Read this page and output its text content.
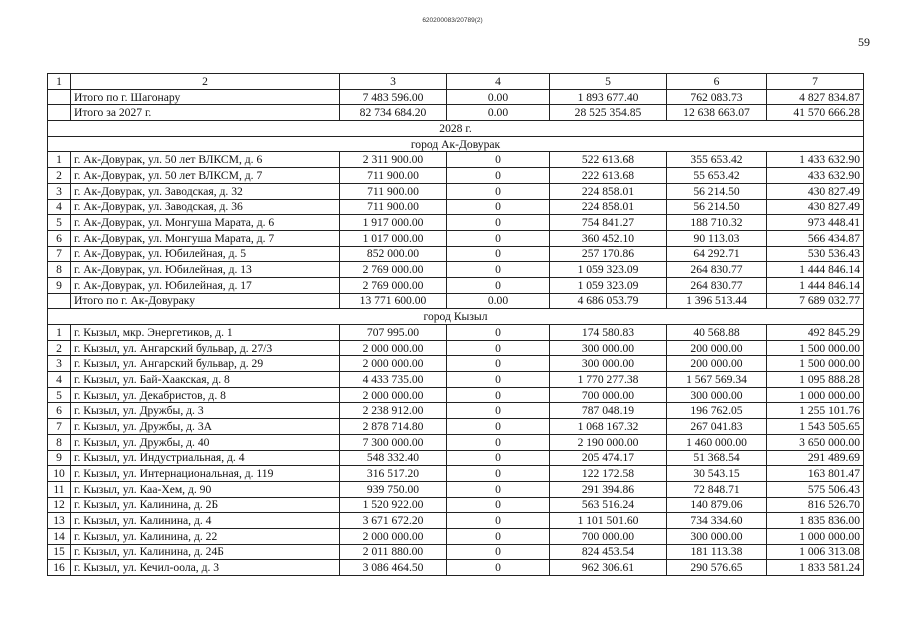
620200083/20789(2)
59
1	2	3	4	5	6	7
	Итого по г. Шагонару	7 483 596.00	0.00	1 893 677.40	762 083.73	4 827 834.87
	Итого за 2027 г.	82 734 684.20	0.00	28 525 354.85	12 638 663.07	41 570 666.28
2028 г.						
город Ак-Довурак						
1	г. Ак-Довурак, ул. 50 лет ВЛКСМ, д. 6	2 311 900.00	0	522 613.68	355 653.42	1 433 632.90
2	г. Ак-Довурак, ул. 50 лет ВЛКСМ, д. 7	711 900.00	0	222 613.68	55 653.42	433 632.90
3	г. Ак-Довурак, ул. Заводская, д. 32	711 900.00	0	224 858.01	56 214.50	430 827.49
4	г. Ак-Довурак, ул. Заводская, д. 36	711 900.00	0	224 858.01	56 214.50	430 827.49
5	г. Ак-Довурак, ул. Монгуша Марата, д. 6	1 917 000.00	0	754 841.27	188 710.32	973 448.41
6	г. Ак-Довурак, ул. Монгуша Марата, д. 7	1 017 000.00	0	360 452.10	90 113.03	566 434.87
7	г. Ак-Довурак, ул. Юбилейная, д. 5	852 000.00	0	257 170.86	64 292.71	530 536.43
8	г. Ак-Довурак, ул. Юбилейная, д. 13	2 769 000.00	0	1 059 323.09	264 830.77	1 444 846.14
9	г. Ак-Довурак, ул. Юбилейная, д. 17	2 769 000.00	0	1 059 323.09	264 830.77	1 444 846.14
	Итого по г. Ак-Довураку	13 771 600.00	0.00	4 686 053.79	1 396 513.44	7 689 032.77
город Кызыл						
1	г. Кызыл, мкр. Энергетиков, д. 1	707 995.00	0	174 580.83	40 568.88	492 845.29
2	г. Кызыл, ул. Ангарский бульвар, д. 27/3	2 000 000.00	0	300 000.00	200 000.00	1 500 000.00
3	г. Кызыл, ул. Ангарский бульвар, д. 29	2 000 000.00	0	300 000.00	200 000.00	1 500 000.00
4	г. Кызыл, ул. Бай-Хаакская, д. 8	4 433 735.00	0	1 770 277.38	1 567 569.34	1 095 888.28
5	г. Кызыл, ул. Декабристов, д. 8	2 000 000.00	0	700 000.00	300 000.00	1 000 000.00
6	г. Кызыл, ул. Дружбы, д. 3	2 238 912.00	0	787 048.19	196 762.05	1 255 101.76
7	г. Кызыл, ул. Дружбы, д. 3А	2 878 714.80	0	1 068 167.32	267 041.83	1 543 505.65
8	г. Кызыл, ул. Дружбы, д. 40	7 300 000.00	0	2 190 000.00	1 460 000.00	3 650 000.00
9	г. Кызыл, ул. Индустриальная, д. 4	548 332.40	0	205 474.17	51 368.54	291 489.69
10	г. Кызыл, ул. Интернациональная, д. 119	316 517.20	0	122 172.58	30 543.15	163 801.47
11	г. Кызыл, ул. Каа-Хем, д. 90	939 750.00	0	291 394.86	72 848.71	575 506.43
12	г. Кызыл, ул. Калинина, д. 2Б	1 520 922.00	0	563 516.24	140 879.06	816 526.70
13	г. Кызыл, ул. Калинина, д. 4	3 671 672.20	0	1 101 501.60	734 334.60	1 835 836.00
14	г. Кызыл, ул. Калинина, д. 22	2 000 000.00	0	700 000.00	300 000.00	1 000 000.00
15	г. Кызыл, ул. Калинина, д. 24Б	2 011 880.00	0	824 453.54	181 113.38	1 006 313.08
16	г. Кызыл, ул. Кечил-оола, д. 3	3 086 464.50	0	962 306.61	290 576.65	1 833 581.24
